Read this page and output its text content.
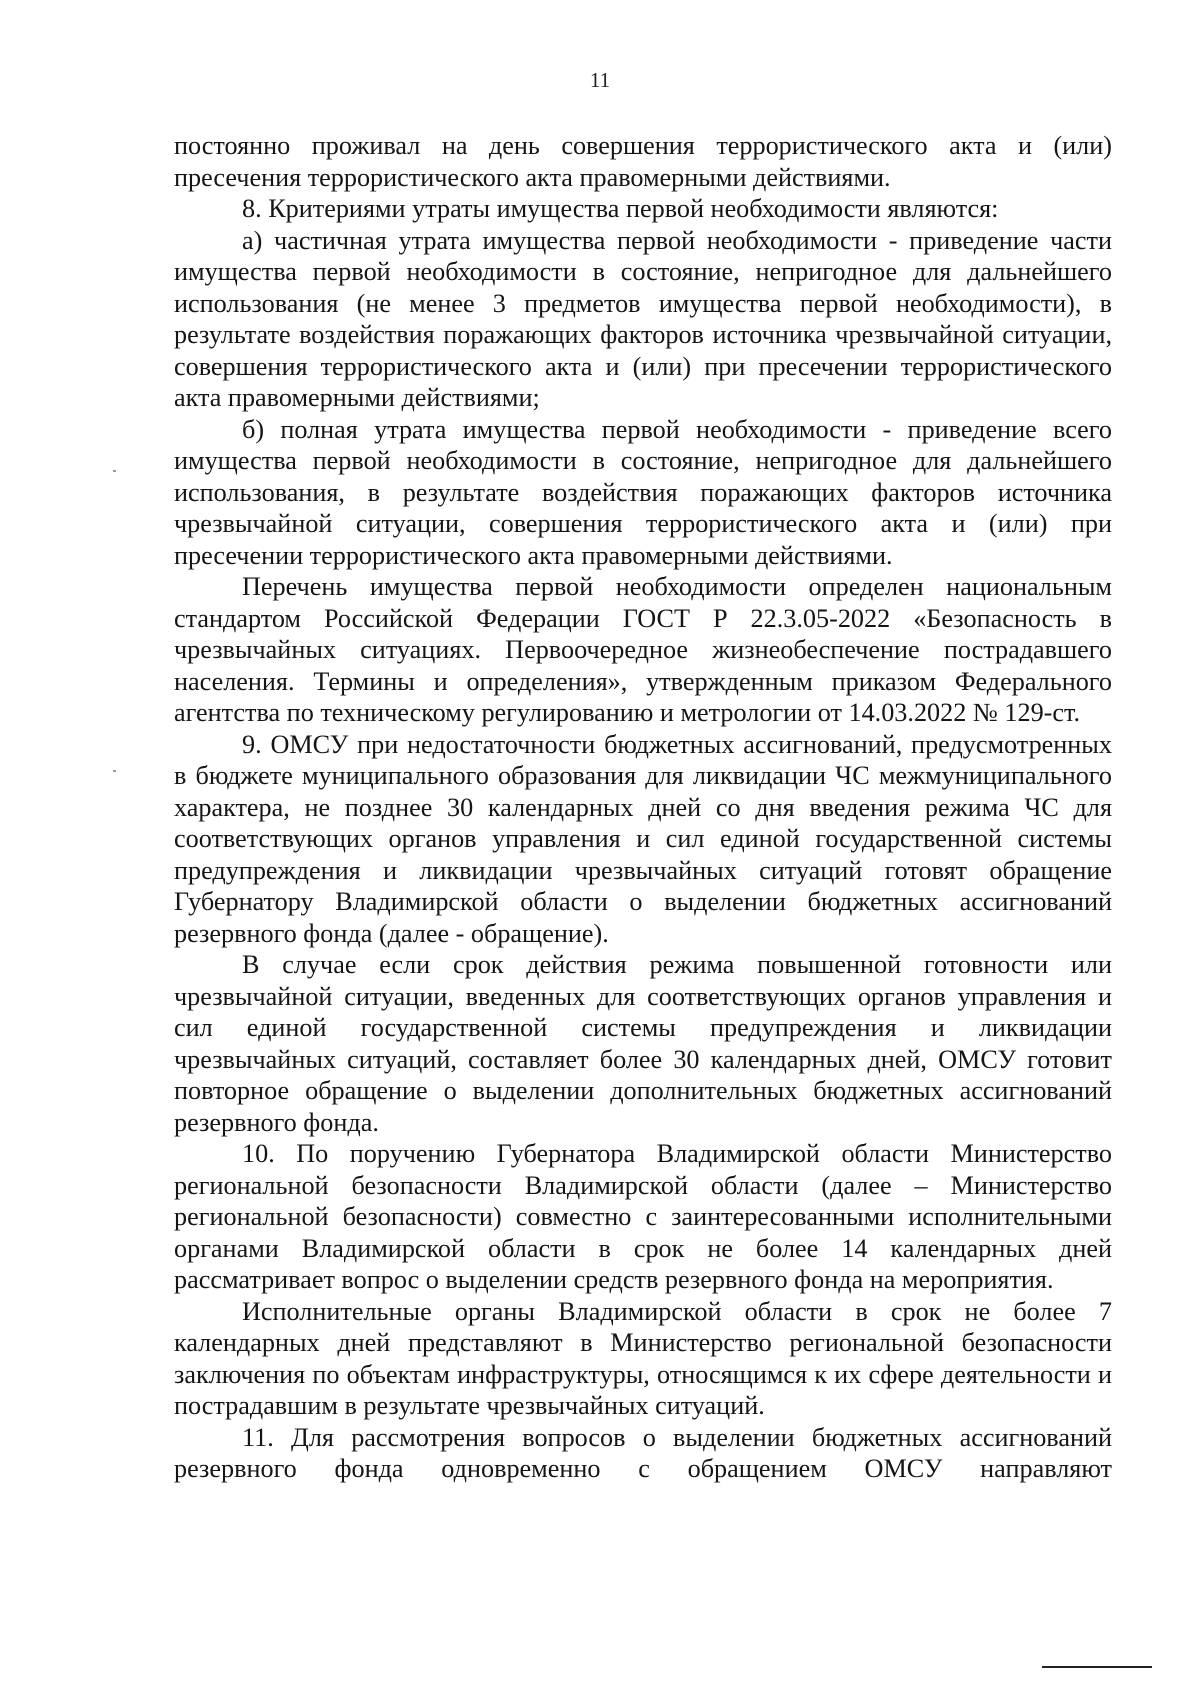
11

постоянно проживал на день совершения террористического акта и (или) пресечения террористического акта правомерными действиями.

8. Критериями утраты имущества первой необходимости являются:

а) частичная утрата имущества первой необходимости - приведение части имущества первой необходимости в состояние, непригодное для дальнейшего использования (не менее 3 предметов имущества первой необходимости), в результате воздействия поражающих факторов источника чрезвычайной ситуации, совершения террористического акта и (или) при пресечении террористического акта правомерными действиями;

б) полная утрата имущества первой необходимости - приведение всего имущества первой необходимости в состояние, непригодное для дальнейшего использования, в результате воздействия поражающих факторов источника чрезвычайной ситуации, совершения террористического акта и (или) при пресечении террористического акта правомерными действиями.

Перечень имущества первой необходимости определен национальным стандартом Российской Федерации ГОСТ Р 22.3.05-2022 «Безопасность в чрезвычайных ситуациях. Первоочередное жизнеобеспечение пострадавшего населения. Термины и определения», утвержденным приказом Федерального агентства по техническому регулированию и метрологии от 14.03.2022 № 129-ст.

9. ОМСУ при недостаточности бюджетных ассигнований, предусмотренных в бюджете муниципального образования для ликвидации ЧС межмуниципального характера, не позднее 30 календарных дней со дня введения режима ЧС для соответствующих органов управления и сил единой государственной системы предупреждения и ликвидации чрезвычайных ситуаций готовят обращение Губернатору Владимирской области о выделении бюджетных ассигнований резервного фонда (далее - обращение).

В случае если срок действия режима повышенной готовности или чрезвычайной ситуации, введенных для соответствующих органов управления и сил единой государственной системы предупреждения и ликвидации чрезвычайных ситуаций, составляет более 30 календарных дней, ОМСУ готовит повторное обращение о выделении дополнительных бюджетных ассигнований резервного фонда.

10. По поручению Губернатора Владимирской области Министерство региональной безопасности Владимирской области (далее – Министерство региональной безопасности) совместно с заинтересованными исполнительными органами Владимирской области в срок не более 14 календарных дней рассматривает вопрос о выделении средств резервного фонда на мероприятия.

Исполнительные органы Владимирской области в срок не более 7 календарных дней представляют в Министерство региональной безопасности заключения по объектам инфраструктуры, относящимся к их сфере деятельности и пострадавшим в результате чрезвычайных ситуаций.

11. Для рассмотрения вопросов о выделении бюджетных ассигнований резервного фонда одновременно с обращением ОМСУ направляют
